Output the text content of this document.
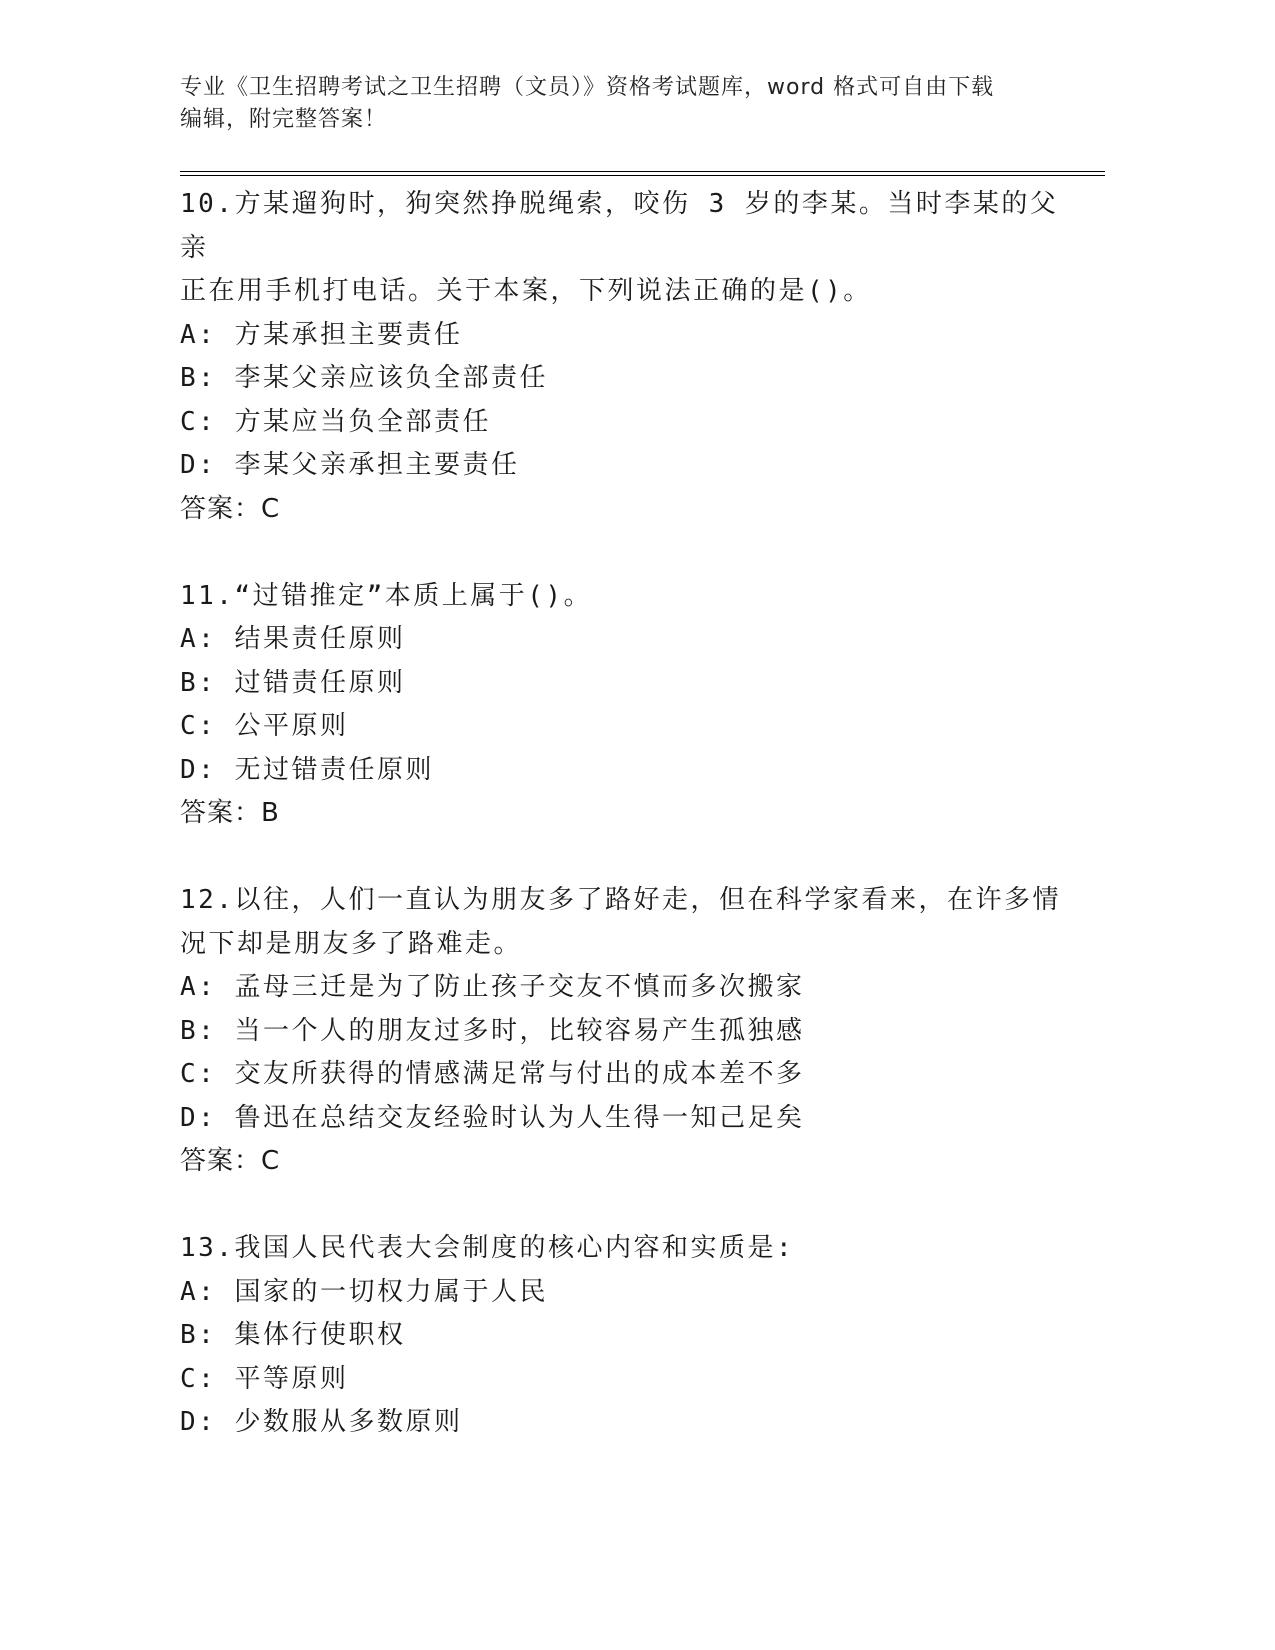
专业《卫生招聘考试之卫生招聘（文员）》资格考试题库，word 格式可自由下载
编辑，附完整答案！

10.方某遛狗时，狗突然挣脱绳索，咬伤 3 岁的李某。当时李某的父亲

正在用手机打电话。关于本案，下列说法正确的是()。

A: 方某承担主要责任

B: 李某父亲应该负全部责任

C: 方某应当负全部责任

D: 李某父亲承担主要责任

答案：C

11.“过错推定”本质上属于()。

A: 结果责任原则

B: 过错责任原则

C: 公平原则

D: 无过错责任原则

答案：B

12.以往，人们一直认为朋友多了路好走，但在科学家看来，在许多情

况下却是朋友多了路难走。

A: 孟母三迁是为了防止孩子交友不慎而多次搬家

B: 当一个人的朋友过多时，比较容易产生孤独感

C: 交友所获得的情感满足常与付出的成本差不多

D: 鲁迅在总结交友经验时认为人生得一知己足矣

答案：C

13.我国人民代表大会制度的核心内容和实质是:

A: 国家的一切权力属于人民

B: 集体行使职权

C: 平等原则

D: 少数服从多数原则
